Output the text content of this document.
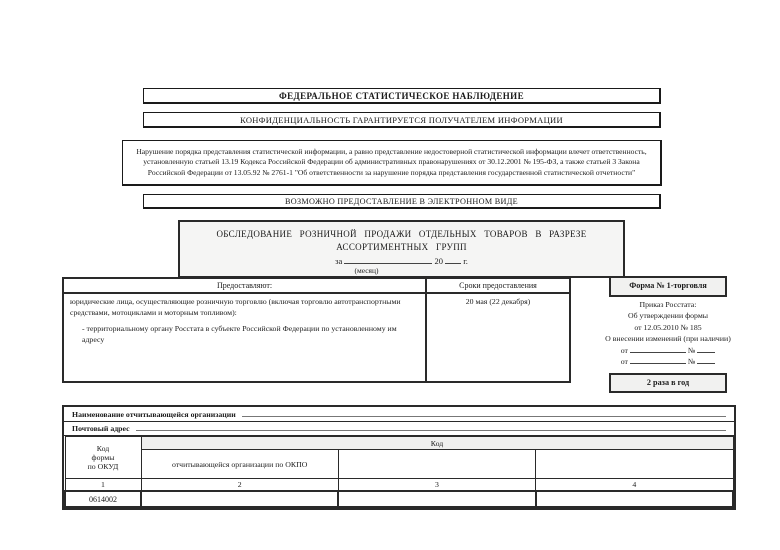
ФЕДЕРАЛЬНОЕ СТАТИСТИЧЕСКОЕ НАБЛЮДЕНИЕ
КОНФИДЕНЦИАЛЬНОСТЬ ГАРАНТИРУЕТСЯ ПОЛУЧАТЕЛЕМ ИНФОРМАЦИИ
Нарушение порядка представления статистической информации, а равно представление недостоверной статистической информации влечет ответственность, установленную статьей 13.19 Кодекса Российской Федерации об административных правонарушениях от 30.12.2001 № 195-ФЗ, а также статьей 3 Закона Российской Федерации от 13.05.92 № 2761-1 "Об ответственности за нарушение порядка представления государственной статистической отчетности"
ВОЗМОЖНО ПРЕДОСТАВЛЕНИЕ В ЭЛЕКТРОННОМ ВИДЕ
ОБСЛЕДОВАНИЕ РОЗНИЧНОЙ ПРОДАЖИ ОТДЕЛЬНЫХ ТОВАРОВ В РАЗРЕЗЕ
АССОРТИМЕНТНЫХ ГРУПП
за	20 г.
(месяц)
Предоставляют:
юридические лица, осуществляющие розничную торговлю (включая торговлю автотранспортными средствами, мотоциклами и моторным топливом):
- территориальному органу Росстата в субъекте Российской Федерации по установленному им адресу
Сроки предоставления
20 мая (22 декабря)
Форма № 1-торговля
Приказ Росстата:
Об утверждении формы
от 12.05.2010 № 185
О внесении изменений (при наличии)
от	№
от	№
2 раза в год
Наименование отчитывающейся организации
Почтовый адрес
Код
формы
по ОКУД	Код		
	отчитывающейся организации по ОКПО		
1	2	3	4
0614002			
